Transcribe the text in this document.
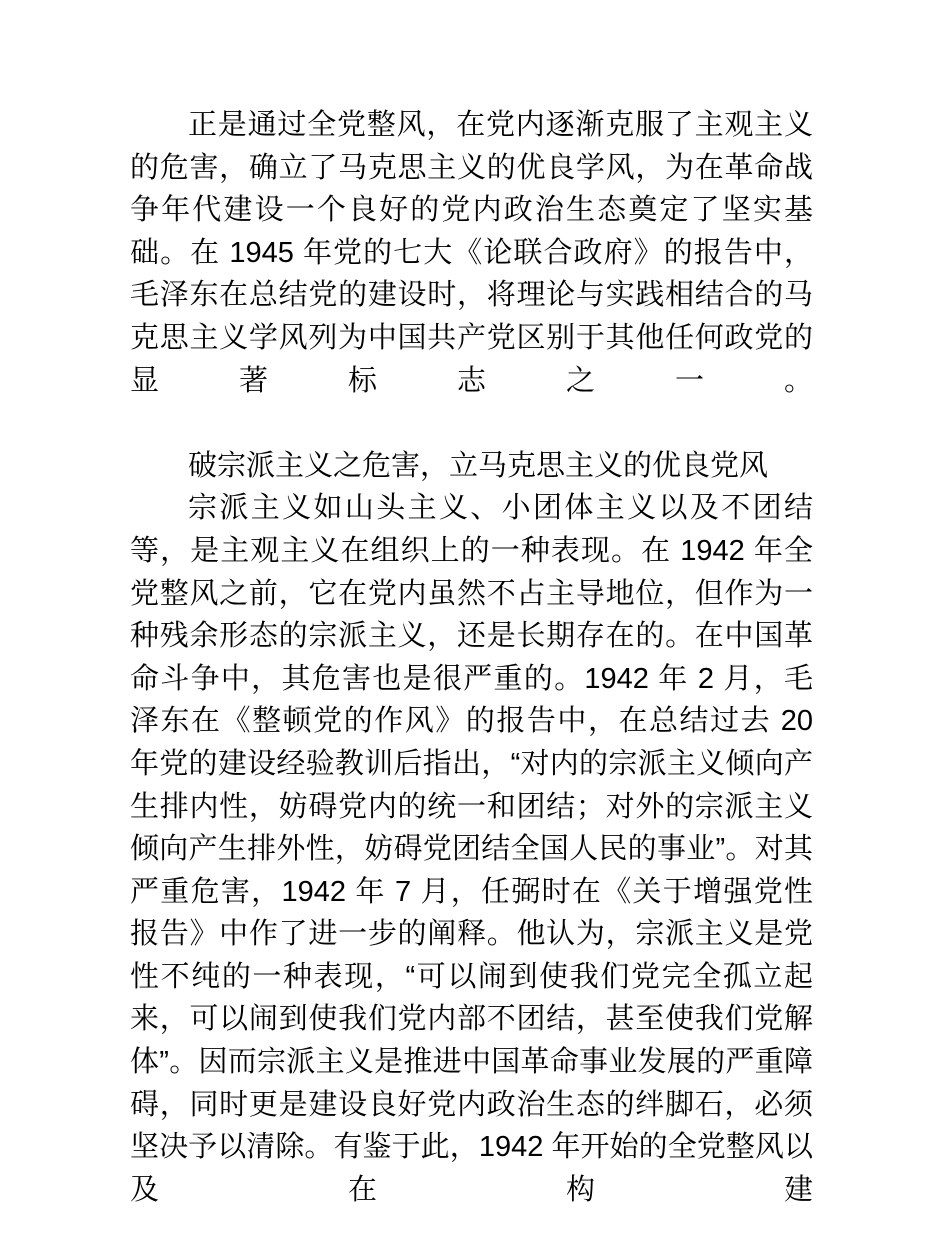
正是通过全党整风，在党内逐渐克服了主观主义的危害，确立了马克思主义的优良学风，为在革命战争年代建设一个良好的党内政治生态奠定了坚实基础。在 1945 年党的七大《论联合政府》的报告中，毛泽东在总结党的建设时，将理论与实践相结合的马克思主义学风列为中国共产党区别于其他任何政党的显著标志之一。

破宗派主义之危害，立马克思主义的优良党风

宗派主义如山头主义、小团体主义以及不团结等，是主观主义在组织上的一种表现。在 1942 年全党整风之前，它在党内虽然不占主导地位，但作为一种残余形态的宗派主义，还是长期存在的。在中国革命斗争中，其危害也是很严重的。1942 年 2 月，毛泽东在《整顿党的作风》的报告中，在总结过去 20 年党的建设经验教训后指出，“对内的宗派主义倾向产生排内性，妨碍党内的统一和团结；对外的宗派主义倾向产生排外性，妨碍党团结全国人民的事业”。对其严重危害，1942 年 7 月，任弼时在《关于增强党性报告》中作了进一步的阐释。他认为，宗派主义是党性不纯的一种表现，“可以闹到使我们党完全孤立起来，可以闹到使我们党内部不团结，甚至使我们党解体”。因而宗派主义是推进中国革命事业发展的严重障碍，同时更是建设良好党内政治生态的绊脚石，必须坚决予以清除。有鉴于此，1942 年开始的全党整风以及在构建
